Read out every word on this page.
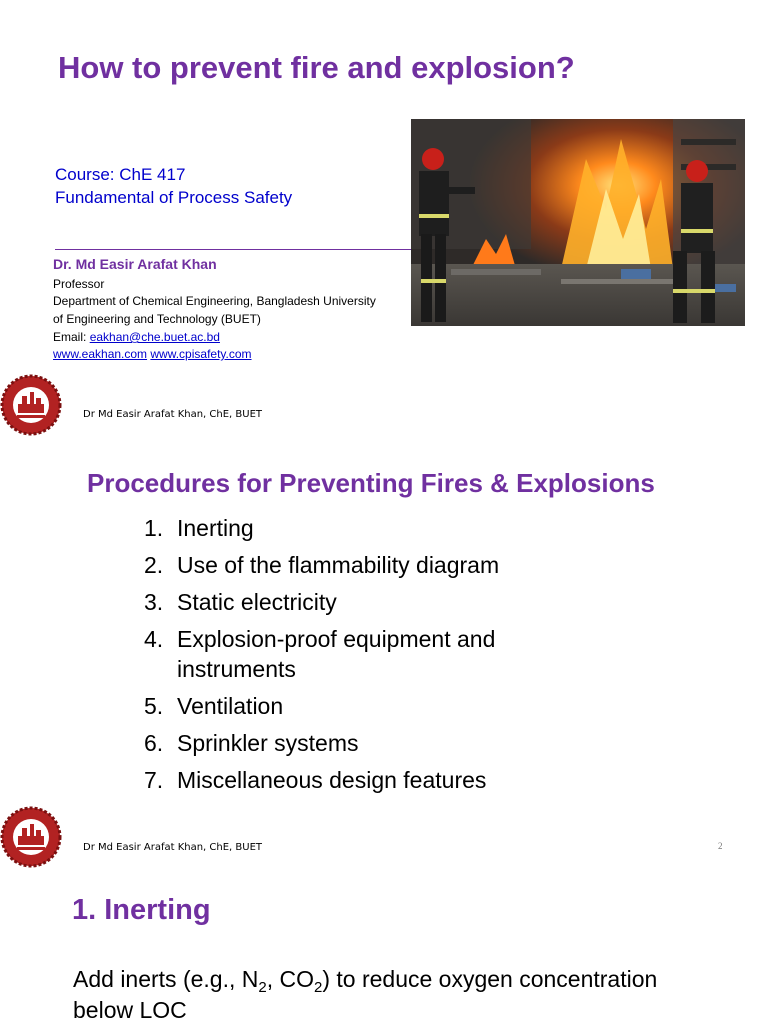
How to prevent fire and explosion?
Course: ChE 417
Fundamental of Process Safety
Dr. Md Easir Arafat Khan
Professor
Department of Chemical Engineering, Bangladesh University
of Engineering and Technology (BUET)
Email: eakhan@che.buet.ac.bd
www.eakhan.com www.cpisafety.com
Dr Md Easir Arafat Khan, ChE, BUET
Procedures for Preventing Fires & Explosions
1. Inerting
2. Use of the flammability diagram
3. Static electricity
4. Explosion-proof equipment and
instruments
5. Ventilation
6. Sprinkler systems
7. Miscellaneous design features
Dr Md Easir Arafat Khan, ChE, BUET	2
1. Inerting
Add inerts (e.g., $N_2$, $CO_2$) to reduce oxygen concentration
below LOC
